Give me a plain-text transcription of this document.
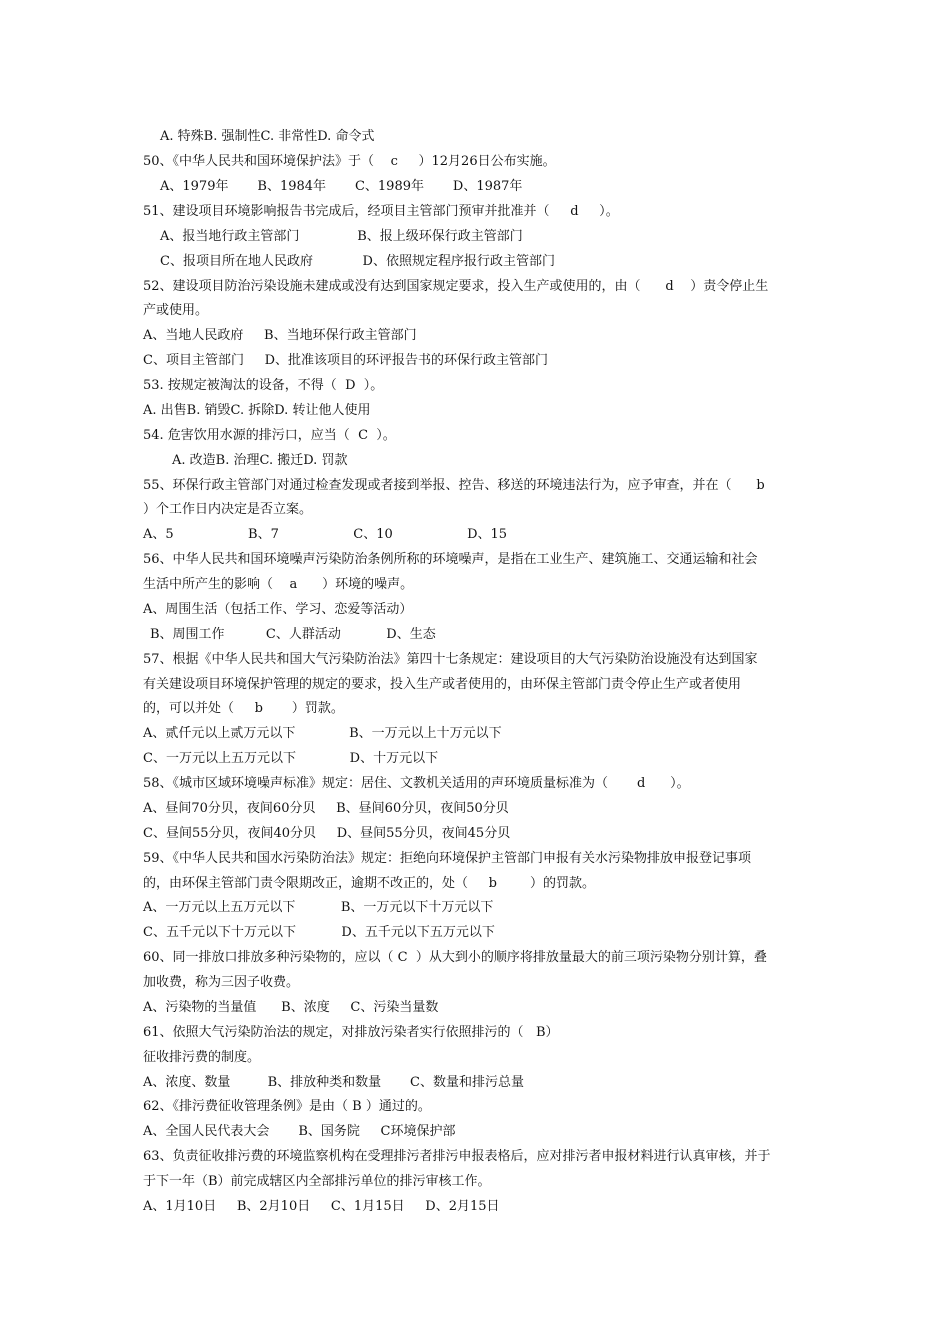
A. 特殊B. 强制性C. 非常性D. 命令式
50、《中华人民共和国环境保护法》于（    c     ）12月26日公布实施。
A、1979年       B、1984年       C、1989年       D、1987年
51、建设项目环境影响报告书完成后，经项目主管部门预审并批准并（     d     ）。
A、报当地行政主管部门              B、报上级环保行政主管部门
C、报项目所在地人民政府            D、依照规定程序报行政主管部门
52、建设项目防治污染设施未建成或没有达到国家规定要求，投入生产或使用的，由（      d    ）责令停止生
产或使用。
A、当地人民政府     B、当地环保行政主管部门
C、项目主管部门     D、批准该项目的环评报告书的环保行政主管部门
53. 按规定被淘汰的设备，不得（  D  ）。
A. 出售B. 销毁C. 拆除D. 转让他人使用
54. 危害饮用水源的排污口，应当（  C  ）。
A. 改造B. 治理C. 搬迁D. 罚款
55、环保行政主管部门对通过检查发现或者接到举报、控告、移送的环境违法行为，应予审查，并在（      b
）个工作日内决定是否立案。
A、5                  B、7                  C、10                  D、15
56、中华人民共和国环境噪声污染防治条例所称的环境噪声，是指在工业生产、建筑施工、交通运输和社会
生活中所产生的影响（    a      ）环境的噪声。
A、周围生活（包括工作、学习、恋爱等活动）
B、周围工作          C、人群活动           D、生态
57、根据《中华人民共和国大气污染防治法》第四十七条规定：建设项目的大气污染防治设施没有达到国家
有关建设项目环境保护管理的规定的要求，投入生产或者使用的，由环保主管部门责令停止生产或者使用
的，可以并处（     b       ）罚款。
A、贰仟元以上贰万元以下             B、一万元以上十万元以下
C、一万元以上五万元以下             D、十万元以下
58、《城市区域环境噪声标准》规定：居住、文教机关适用的声环境质量标准为（       d      ）。
A、昼间70分贝，夜间60分贝     B、昼间60分贝，夜间50分贝
C、昼间55分贝，夜间40分贝     D、昼间55分贝，夜间45分贝
59、《中华人民共和国水污染防治法》规定：拒绝向环境保护主管部门申报有关水污染物排放申报登记事项
的，由环保主管部门责令限期改正，逾期不改正的，处（     b        ）的罚款。
A、一万元以上五万元以下           B、一万元以下十万元以下
C、五千元以下十万元以下           D、五千元以下五万元以下
60、同一排放口排放多种污染物的，应以（ C  ）从大到小的顺序将排放量最大的前三项污染物分别计算，叠
加收费，称为三因子收费。
A、污染物的当量值      B、浓度     C、污染当量数
61、依照大气污染防治法的规定，对排放污染者实行依照排污的（   B）
征收排污费的制度。
A、浓度、数量         B、排放种类和数量       C、数量和排污总量
62、《排污费征收管理条例》是由（ B ）通过的。
A、全国人民代表大会       B、国务院     C环境保护部
63、负责征收排污费的环境监察机构在受理排污者排污申报表格后，应对排污者申报材料进行认真审核，并于
于下一年（B）前完成辖区内全部排污单位的排污审核工作。
A、1月10日     B、2月10日     C、1月15日     D、2月15日
